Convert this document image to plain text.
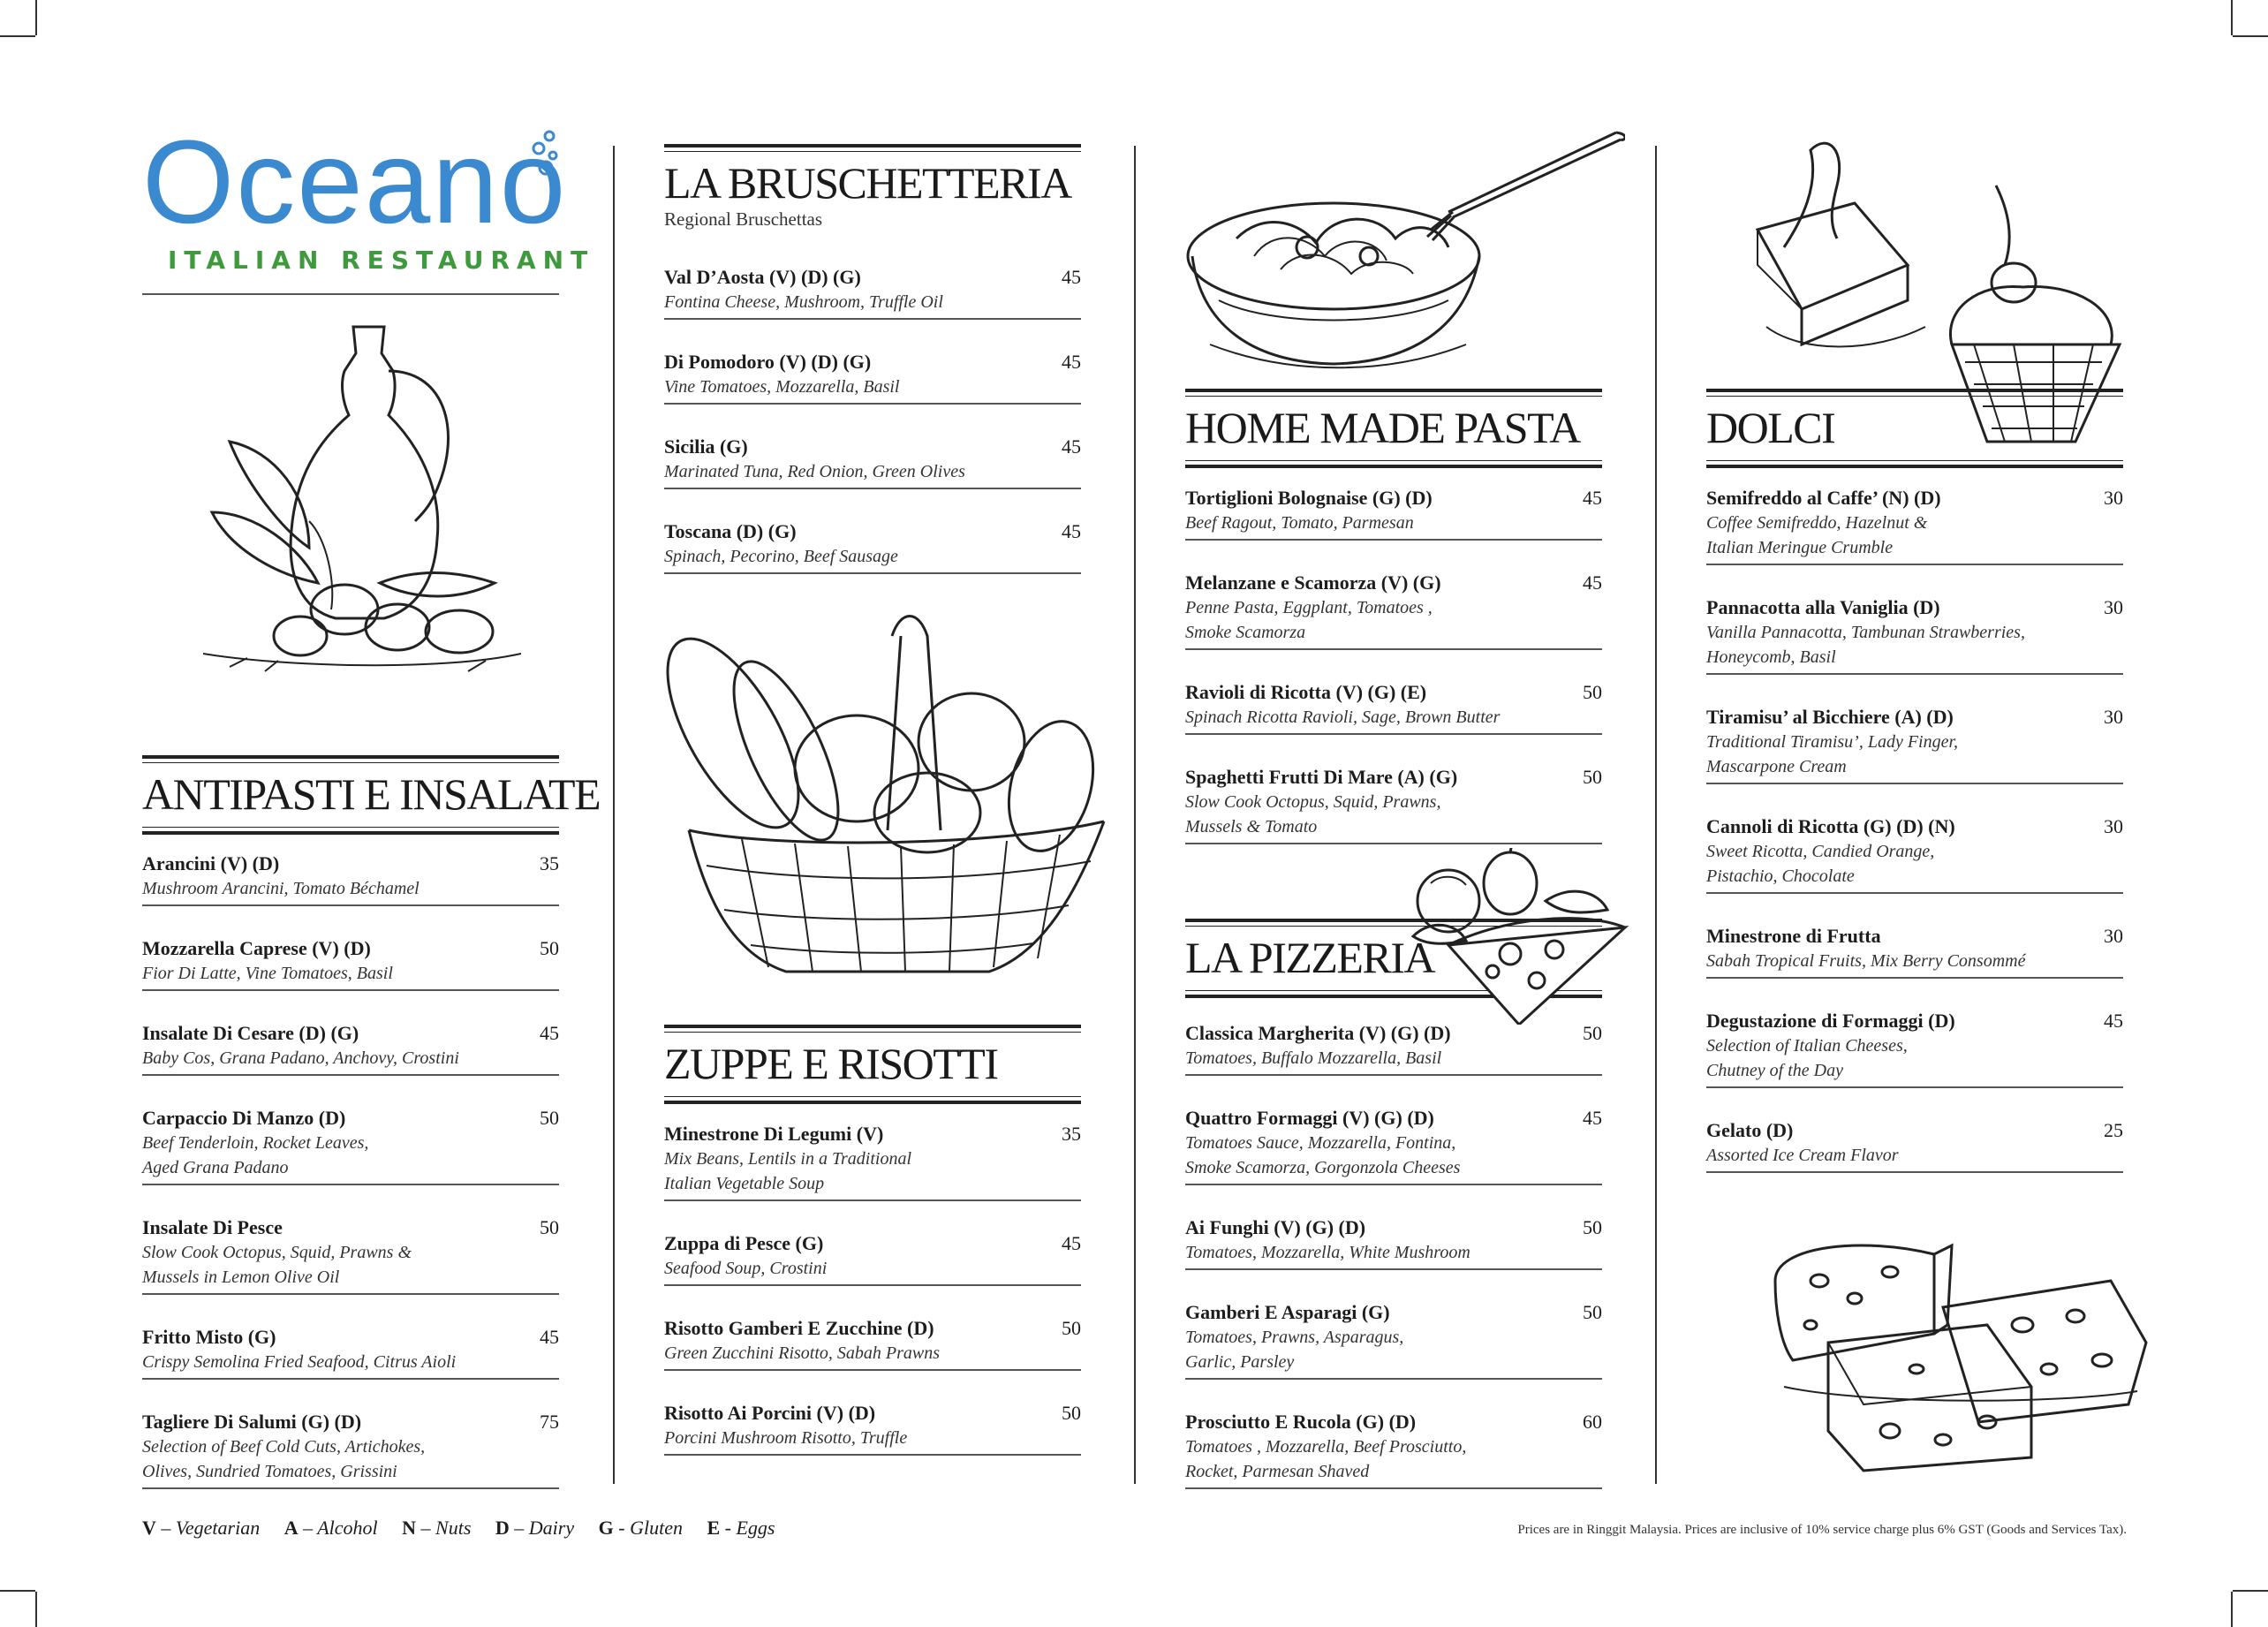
Oceano
ITALIAN RESTAURANT
ANTIPASTI E INSALATE
Arancini (V) (D)	35
Mushroom Arancini, Tomato Béchamel
Mozzarella Caprese (V) (D)	50
Fior Di Latte, Vine Tomatoes, Basil
Insalate Di Cesare (D) (G)	45
Baby Cos, Grana Padano, Anchovy, Crostini
Carpaccio Di Manzo (D)	50
Beef Tenderloin, Rocket Leaves,
Aged Grana Padano
Insalate Di Pesce	50
Slow Cook Octopus, Squid, Prawns &
Mussels in Lemon Olive Oil
Fritto Misto (G)	45
Crispy Semolina Fried Seafood, Citrus Aioli
Tagliere Di Salumi (G) (D)	75
Selection of Beef Cold Cuts, Artichokes,
Olives, Sundried Tomatoes, Grissini
LA BRUSCHETTERIA
Regional Bruschettas
Val D’Aosta (V) (D) (G)	45
Fontina Cheese, Mushroom, Truffle Oil
Di Pomodoro (V) (D) (G)	45
Vine Tomatoes, Mozzarella, Basil
Sicilia (G)	45
Marinated Tuna, Red Onion, Green Olives
Toscana (D) (G)	45
Spinach, Pecorino, Beef Sausage
ZUPPE E RISOTTI
Minestrone Di Legumi (V)	35
Mix Beans, Lentils in a Traditional
Italian Vegetable Soup
Zuppa di Pesce (G)	45
Seafood Soup, Crostini
Risotto Gamberi E Zucchine (D)	50
Green Zucchini Risotto, Sabah Prawns
Risotto Ai Porcini (V) (D)	50
Porcini Mushroom Risotto, Truffle
HOME MADE PASTA
Tortiglioni Bolognaise (G) (D)	45
Beef Ragout, Tomato, Parmesan
Melanzane e Scamorza (V) (G)	45
Penne Pasta, Eggplant, Tomatoes ,
Smoke Scamorza
Ravioli di Ricotta (V) (G) (E)	50
Spinach Ricotta Ravioli, Sage, Brown Butter
Spaghetti Frutti Di Mare (A) (G)	50
Slow Cook Octopus, Squid, Prawns,
Mussels & Tomato
LA PIZZERIA
Classica Margherita (V) (G) (D)	50
Tomatoes, Buffalo Mozzarella, Basil
Quattro Formaggi (V) (G) (D)	45
Tomatoes Sauce, Mozzarella, Fontina,
Smoke Scamorza, Gorgonzola Cheeses
Ai Funghi (V) (G) (D)	50
Tomatoes, Mozzarella, White Mushroom
Gamberi E Asparagi (G)	50
Tomatoes, Prawns, Asparagus,
Garlic, Parsley
Prosciutto E Rucola (G) (D)	60
Tomatoes , Mozzarella, Beef Prosciutto,
Rocket, Parmesan Shaved
DOLCI
Semifreddo al Caffe’ (N) (D)	30
Coffee Semifreddo, Hazelnut &
Italian Meringue Crumble
Pannacotta alla Vaniglia (D)	30
Vanilla Pannacotta, Tambunan Strawberries,
Honeycomb, Basil
Tiramisu’ al Bicchiere (A) (D)	30
Traditional Tiramisu’, Lady Finger,
Mascarpone Cream
Cannoli di Ricotta (G) (D) (N)	30
Sweet Ricotta, Candied Orange,
Pistachio, Chocolate
Minestrone di Frutta	30
Sabah Tropical Fruits, Mix Berry Consommé
Degustazione di Formaggi (D)	45
Selection of Italian Cheeses,
Chutney of the Day
Gelato (D)	25
Assorted Ice Cream Flavor
V – Vegetarian A – Alcohol N – Nuts D – Dairy G - Gluten E - Eggs	Prices are in Ringgit Malaysia. Prices are inclusive of 10% service charge plus 6% GST (Goods and Services Tax).
